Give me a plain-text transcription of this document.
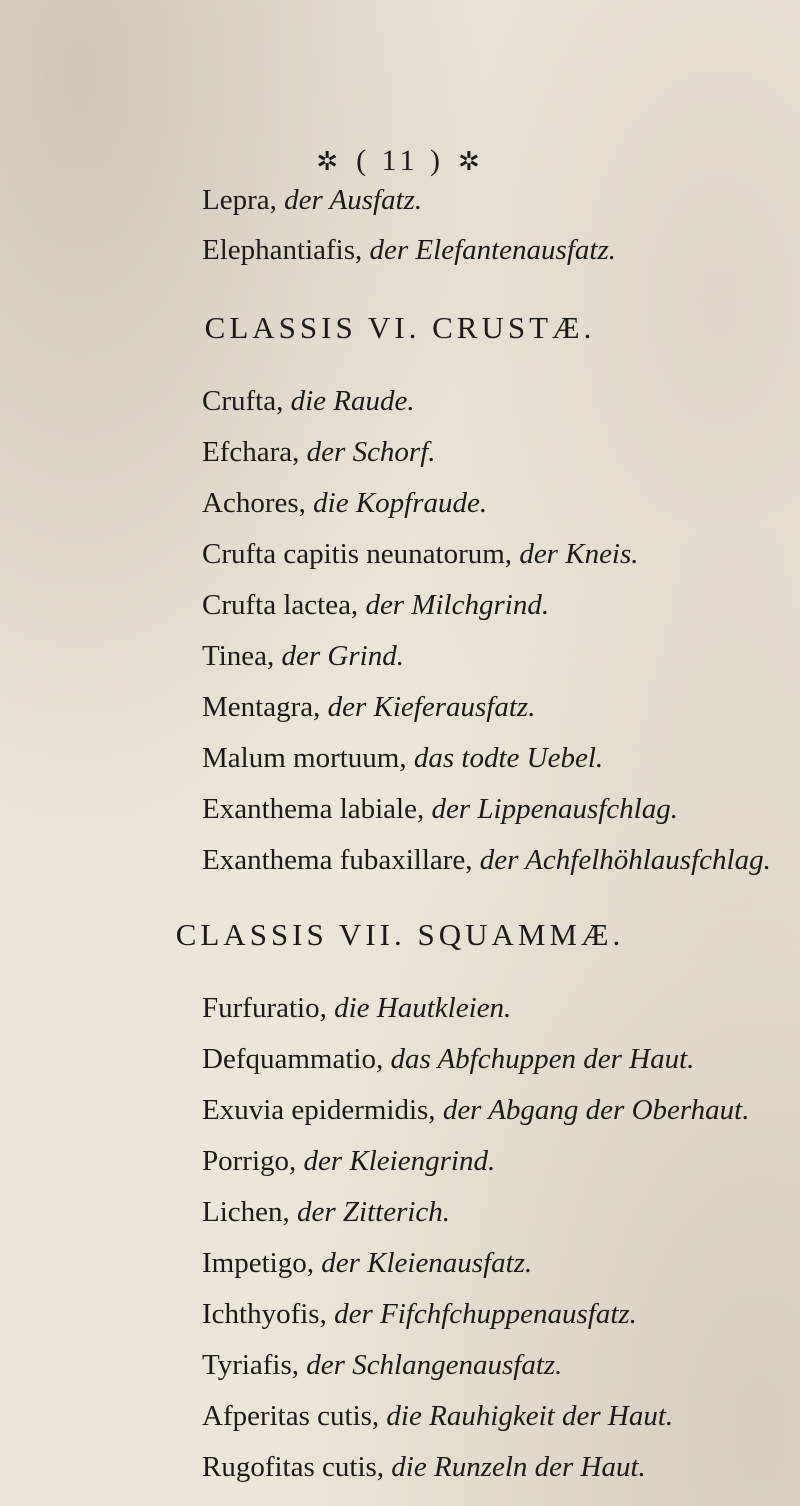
✲ ( 11 ) ✲
Lepra, der Ausfatz.
Elephantiafis, der Elefantenausfatz.
CLASSIS VI. CRUSTÆ.
Crufta, die Raude.
Efchara, der Schorf.
Achores, die Kopfraude.
Crufta capitis neunatorum, der Kneis.
Crufta lactea, der Milchgrind.
Tinea, der Grind.
Mentagra, der Kieferausfatz.
Malum mortuum, das todte Uebel.
Exanthema labiale, der Lippenausfchlag.
Exanthema fubaxillare, der Achfelhöhlausfchlag.
CLASSIS VII. SQUAMMÆ.
Furfuratio, die Hautkleien.
Defquammatio, das Abfchuppen der Haut.
Exuvia epidermidis, der Abgang der Oberhaut.
Porrigo, der Kleiengrind.
Lichen, der Zitterich.
Impetigo, der Kleienausfatz.
Ichthyofis, der Fifchfchuppenausfatz.
Tyriafis, der Schlangenausfatz.
Afperitas cutis, die Rauhigkeit der Haut.
Rugofitas cutis, die Runzeln der Haut.
